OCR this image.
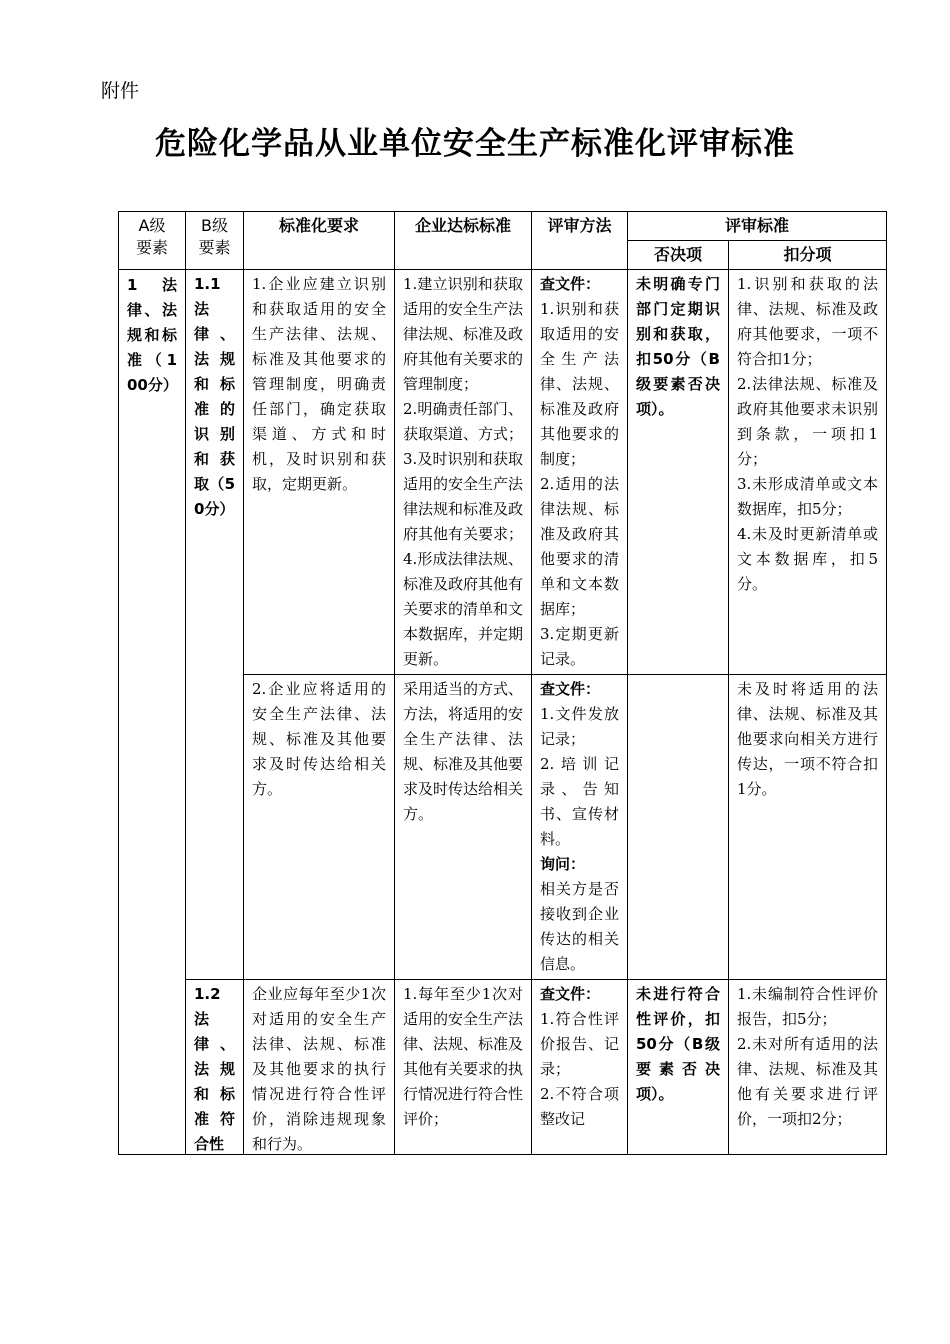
附件
危险化学品从业单位安全生产标准化评审标准
A级
要素	B级
要素	标准化要求	企业达标标准	评审方法	评审标准	
					否决项	扣分项
1 法律、法规和标准（100分）	1.1 法律、法规和标准的识别和获取（50分）	1.企业应建立识别和获取适用的安全生产法律、法规、标准及其他要求的管理制度，明确责任部门，确定获取渠道、方式和时机，及时识别和获取，定期更新。	1.建立识别和获取适用的安全生产法律法规、标准及政府其他有关要求的管理制度；
2.明确责任部门、获取渠道、方式；
3.及时识别和获取适用的安全生产法律法规和标准及政府其他有关要求；
4.形成法律法规、标准及政府其他有关要求的清单和文本数据库，并定期更新。	查文件：
1.识别和获取适用的安全生产法律、法规、标准及政府其他要求的制度；
2.适用的法律法规、标准及政府其他要求的清单和文本数据库；
3.定期更新记录。	未明确专门部门定期识别和获取，扣50分（B级要素否决项）。	1.识别和获取的法律、法规、标准及政府其他要求，一项不符合扣1分；
2.法律法规、标准及政府其他要求未识别到条款，一项扣1分；
3.未形成清单或文本数据库，扣5分；
4.未及时更新清单或文本数据库，扣5分。

		2.企业应将适用的安全生产法律、法规、标准及其他要求及时传达给相关方。	采用适当的方式、方法，将适用的安全生产法律、法规、标准及其他要求及时传达给相关方。	查文件：
1.文件发放记录；
2.培训记录、告知书、宣传材料。
询问：
相关方是否接收到企业传达的相关信息。		未及时将适用的法律、法规、标准及其他要求向相关方进行传达，一项不符合扣1分。

	1.2 法律、法规和标准符合性	企业应每年至少1次对适用的安全生产法律、法规、标准及其他要求的执行情况进行符合性评价，消除违规现象和行为。	1.每年至少1次对适用的安全生产法律、法规、标准及其他有关要求的执行情况进行符合性评价；	查文件：
1.符合性评价报告、记录；
2.不符合项整改记	未进行符合性评价，扣50分（B级要素否决项）。	1.未编制符合性评价报告，扣5分；
2.未对所有适用的法律、法规、标准及其他有关要求进行评价，一项扣2分；
